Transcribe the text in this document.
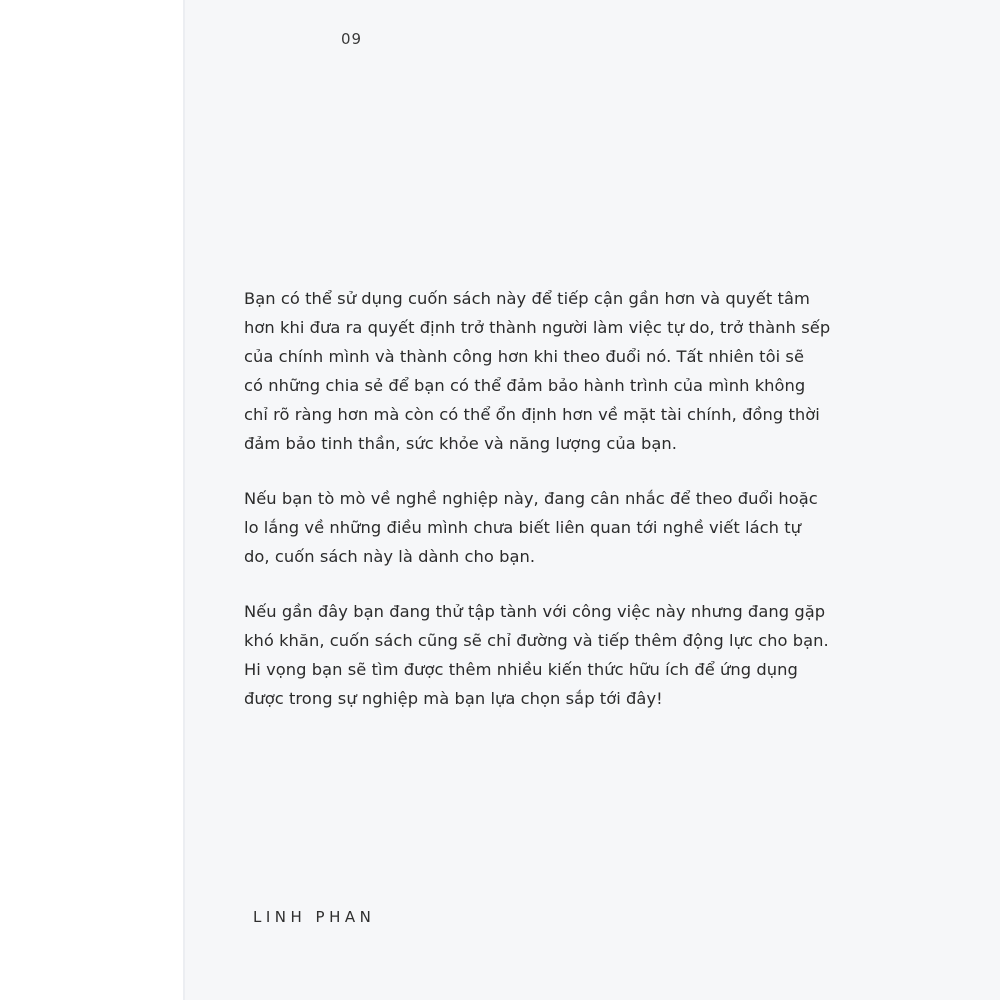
09

Bạn có thể sử dụng cuốn sách này để tiếp cận gần hơn và quyết tâm
hơn khi đưa ra quyết định trở thành người làm việc tự do, trở thành sếp
của chính mình và thành công hơn khi theo đuổi nó. Tất nhiên tôi sẽ
có những chia sẻ để bạn có thể đảm bảo hành trình của mình không
chỉ rõ ràng hơn mà còn có thể ổn định hơn về mặt tài chính, đồng thời
đảm bảo tinh thần, sức khỏe và năng lượng của bạn.

Nếu bạn tò mò về nghề nghiệp này, đang cân nhắc để theo đuổi hoặc
lo lắng về những điều mình chưa biết liên quan tới nghề viết lách tự
do, cuốn sách này là dành cho bạn.

Nếu gần đây bạn đang thử tập tành với công việc này nhưng đang gặp
khó khăn, cuốn sách cũng sẽ chỉ đường và tiếp thêm động lực cho bạn.
Hi vọng bạn sẽ tìm được thêm nhiều kiến thức hữu ích để ứng dụng
được trong sự nghiệp mà bạn lựa chọn sắp tới đây!

LINH PHAN
